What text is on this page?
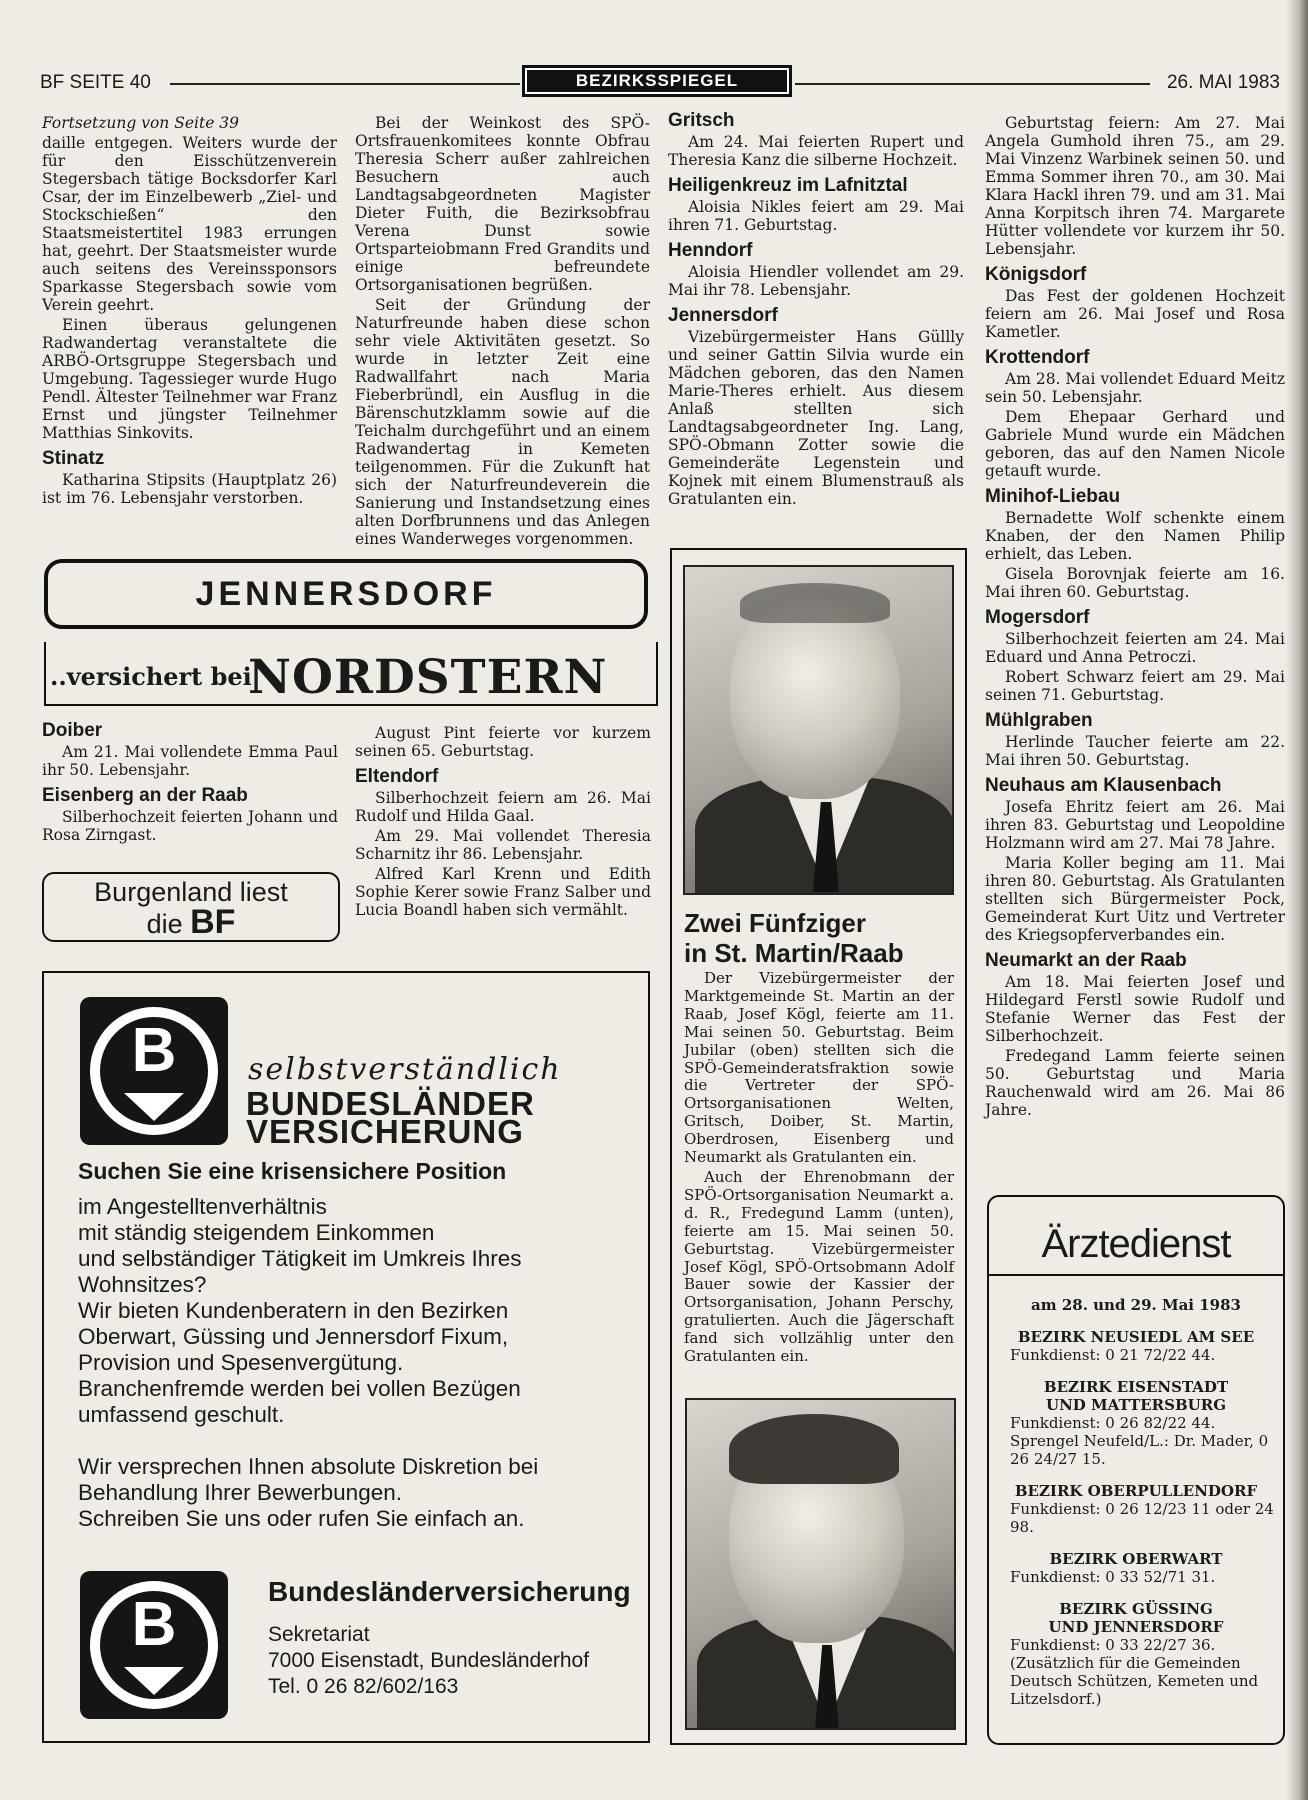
BF SEITE 40	BEZIRKSSPIEGEL	26. MAI 1983

Fortsetzung von Seite 39

daille entgegen. Weiters wurde der für den Eisschützenverein Stegersbach tätige Bocksdorfer Karl Csar, der im Einzelbewerb „Ziel- und Stockschießen“ den Staatsmeistertitel 1983 errungen hat, geehrt. Der Staatsmeister wurde auch seitens des Vereinssponsors Sparkasse Stegersbach sowie vom Verein geehrt.

Einen überaus gelungenen Radwandertag veranstaltete die ARBÖ-Ortsgruppe Stegersbach und Umgebung. Tagessieger wurde Hugo Pendl. Ältester Teilnehmer war Franz Ernst und jüngster Teilnehmer Matthias Sinkovits.

Stinatz

Katharina Stipsits (Hauptplatz 26) ist im 76. Lebensjahr verstorben.

Bei der Weinkost des SPÖ-Ortsfrauenkomitees konnte Obfrau Theresia Scherr außer zahlreichen Besuchern auch Landtagsabgeordneten Magister Dieter Fuith, die Bezirksobfrau Verena Dunst sowie Ortsparteiobmann Fred Grandits und einige befreundete Ortsorganisationen begrüßen.

Seit der Gründung der Naturfreunde haben diese schon sehr viele Aktivitäten gesetzt. So wurde in letzter Zeit eine Radwallfahrt nach Maria Fieberbründl, ein Ausflug in die Bärenschutzklamm sowie auf die Teichalm durchgeführt und an einem Radwandertag in Kemeten teilgenommen. Für die Zukunft hat sich der Naturfreundeverein die Sanierung und Instandsetzung eines alten Dorfbrunnens und das Anlegen eines Wanderweges vorgenommen.

Gritsch

Am 24. Mai feierten Rupert und Theresia Kanz die silberne Hochzeit.

Heiligenkreuz im Lafnitztal

Aloisia Nikles feiert am 29. Mai ihren 71. Geburtstag.

Henndorf

Aloisia Hiendler vollendet am 29. Mai ihr 78. Lebensjahr.

Jennersdorf

Vizebürgermeister Hans Güllly und seiner Gattin Silvia wurde ein Mädchen geboren, das den Namen Marie-Theres erhielt. Aus diesem Anlaß stellten sich Landtagsabgeordneter Ing. Lang, SPÖ-Obmann Zotter sowie die Gemeinderäte Legenstein und Kojnek mit einem Blumenstrauß als Gratulanten ein.

Geburtstag feiern: Am 27. Mai Angela Gumhold ihren 75., am 29. Mai Vinzenz Warbinek seinen 50. und Emma Sommer ihren 70., am 30. Mai Klara Hackl ihren 79. und am 31. Mai Anna Korpitsch ihren 74. Margarete Hütter vollendete vor kurzem ihr 50. Lebensjahr.

Königsdorf

Das Fest der goldenen Hochzeit feiern am 26. Mai Josef und Rosa Kametler.

Krottendorf

Am 28. Mai vollendet Eduard Meitz sein 50. Lebensjahr.

Dem Ehepaar Gerhard und Gabriele Mund wurde ein Mädchen geboren, das auf den Namen Nicole getauft wurde.

Minihof-Liebau

Bernadette Wolf schenkte einem Knaben, der den Namen Philip erhielt, das Leben.

Gisela Borovnjak feierte am 16. Mai ihren 60. Geburtstag.

Mogersdorf

Silberhochzeit feierten am 24. Mai Eduard und Anna Petroczi.

Robert Schwarz feiert am 29. Mai seinen 71. Geburtstag.

Mühlgraben

Herlinde Taucher feierte am 22. Mai ihren 50. Geburtstag.

Neuhaus am Klausenbach

Josefa Ehritz feiert am 26. Mai ihren 83. Geburtstag und Leopoldine Holzmann wird am 27. Mai 78 Jahre.

Maria Koller beging am 11. Mai ihren 80. Geburtstag. Als Gratulanten stellten sich Bürgermeister Pock, Gemeinderat Kurt Uitz und Vertreter des Kriegsopferverbandes ein.

Neumarkt an der Raab

Am 18. Mai feierten Josef und Hildegard Ferstl sowie Rudolf und Stefanie Werner das Fest der Silberhochzeit.

Fredegand Lamm feierte seinen 50. Geburtstag und Maria Rauchenwald wird am 26. Mai 86 Jahre.

JENNERSDORF
..versichert bei
NORDSTERN
Doiber

Am 21. Mai vollendete Emma Paul ihr 50. Lebensjahr.

Eisenberg an der Raab

Silberhochzeit feierten Johann und Rosa Zirngast.

August Pint feierte vor kurzem seinen 65. Geburtstag.

Eltendorf

Silberhochzeit feiern am 26. Mai Rudolf und Hilda Gaal.

Am 29. Mai vollendet Theresia Scharnitz ihr 86. Lebensjahr.

Alfred Karl Krenn und Edith Sophie Kerer sowie Franz Salber und Lucia Boandl haben sich vermählt.

Burgenland liest
die BF
B	selbstverständlich
BUNDESLÄNDER
VERSICHERUNG
Suchen Sie eine krisensichere Position
im Angestelltenverhältnis
mit ständig steigendem Einkommen
und selbständiger Tätigkeit im Umkreis Ihres
Wohnsitzes?
Wir bieten Kundenberatern in den Bezirken
Oberwart, Güssing und Jennersdorf Fixum,
Provision und Spesenvergütung.
Branchenfremde werden bei vollen Bezügen
umfassend geschult.
Wir versprechen Ihnen absolute Diskretion bei
Behandlung Ihrer Bewerbungen.
Schreiben Sie uns oder rufen Sie einfach an.
B	Bundesländerversicherung
Sekretariat
7000 Eisenstadt, Bundesländerhof
Tel. 0 26 82/602/163
Zwei Fünfziger
in St. Martin/Raab

Der Vizebürgermeister der Marktgemeinde St. Martin an der Raab, Josef Kögl, feierte am 11. Mai seinen 50. Geburtstag. Beim Jubilar (oben) stellten sich die SPÖ-Gemeinderatsfraktion sowie die Vertreter der SPÖ-Ortsorganisationen Welten, Gritsch, Doiber, St. Martin, Oberdrosen, Eisenberg und Neumarkt als Gratulanten ein.

Auch der Ehrenobmann der SPÖ-Ortsorganisation Neumarkt a. d. R., Fredegund Lamm (unten), feierte am 15. Mai seinen 50. Geburtstag. Vizebürgermeister Josef Kögl, SPÖ-Ortsobmann Adolf Bauer sowie der Kassier der Ortsorganisation, Johann Perschy, gratulierten. Auch die Jägerschaft fand sich vollzählig unter den Gratulanten ein.

Ärztedienst
am 28. und 29. Mai 1983
BEZIRK NEUSIEDL AM SEE
Funkdienst: 0 21 72/22 44.
BEZIRK EISENSTADT
UND MATTERSBURG
Funkdienst: 0 26 82/22 44.
Sprengel Neufeld/L.: Dr. Mader, 0 26 24/27 15.
BEZIRK OBERPULLENDORF
Funkdienst: 0 26 12/23 11 oder 24 98.
BEZIRK OBERWART
Funkdienst: 0 33 52/71 31.
BEZIRK GÜSSING
UND JENNERSDORF
Funkdienst: 0 33 22/27 36.
(Zusätzlich für die Gemeinden Deutsch Schützen, Kemeten und Litzelsdorf.)
